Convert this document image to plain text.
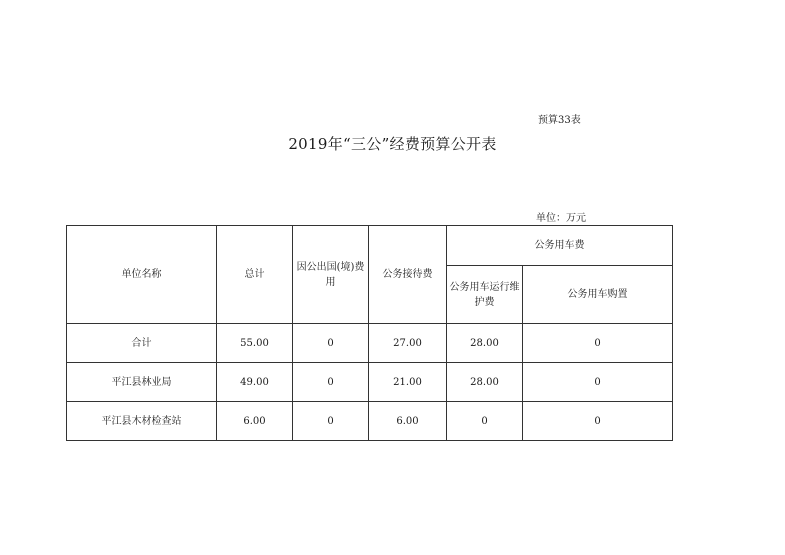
预算33表
2019年“三公”经费预算公开表
单位：万元
单位名称	总计	因公出国(境)费用	公务接待费	公务用车费	
				公务用车运行维护费	公务用车购置
合计	55.00	0	27.00	28.00	0
平江县林业局	49.00	0	21.00	28.00	0
平江县木材检查站	6.00	0	6.00	0	0
